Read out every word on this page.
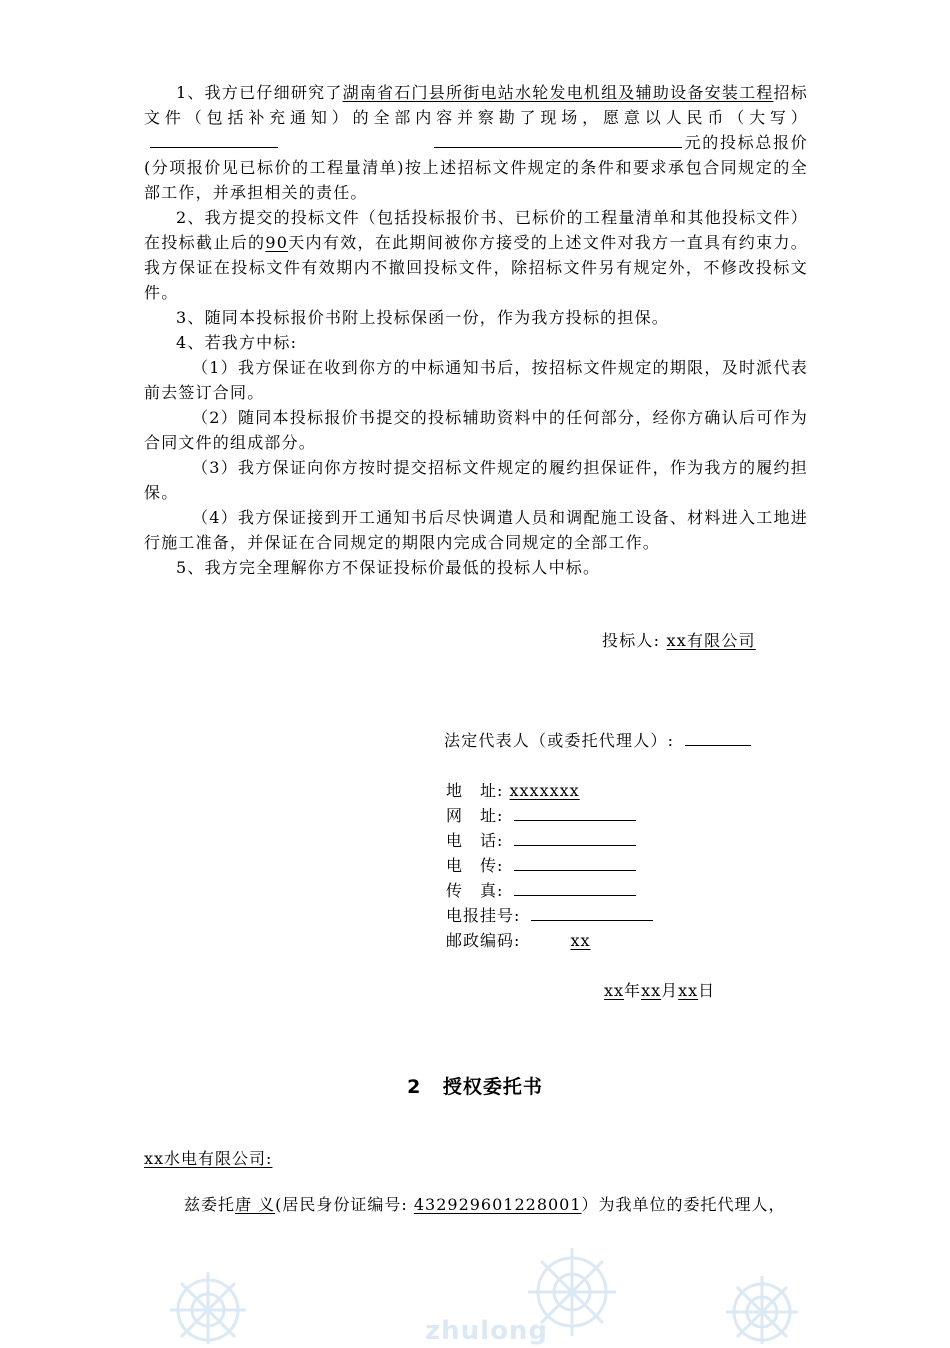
1、我方已仔细研究了湖南省石门县所街电站水轮发电机组及辅助设备安装工程招标文件（包括补充通知）的全部内容并察勘了现场，愿意以人民币（大写）元的投标总报价(分项报价见已标价的工程量清单)按上述招标文件规定的条件和要求承包合同规定的全部工作，并承担相关的责任。

2、我方提交的投标文件（包括投标报价书、已标价的工程量清单和其他投标文件）在投标截止后的90天内有效，在此期间被你方接受的上述文件对我方一直具有约束力。我方保证在投标文件有效期内不撤回投标文件，除招标文件另有规定外，不修改投标文件。

3、随同本投标报价书附上投标保函一份，作为我方投标的担保。

4、若我方中标:

（1）我方保证在收到你方的中标通知书后，按招标文件规定的期限，及时派代表前去签订合同。

（2）随同本投标报价书提交的投标辅助资料中的任何部分，经你方确认后可作为合同文件的组成部分。

（3）我方保证向你方按时提交招标文件规定的履约担保证件，作为我方的履约担保。

（4）我方保证接到开工通知书后尽快调遣人员和调配施工设备、材料进入工地进行施工准备，并保证在合同规定的期限内完成合同规定的全部工作。

5、我方完全理解你方不保证投标价最低的投标人中标。

投标人: xx有限公司
法定代表人（或委托代理人）:
地　址: xxxxxxx
网　址:
电　话:
电　传:
传　真:
电报挂号:
邮政编码:	xx
xx年xx月xx日
2 授权委托书
xx水电有限公司:
兹委托唐 义(居民身份证编号: 432929601228001）为我单位的委托代理人，
zhulong
